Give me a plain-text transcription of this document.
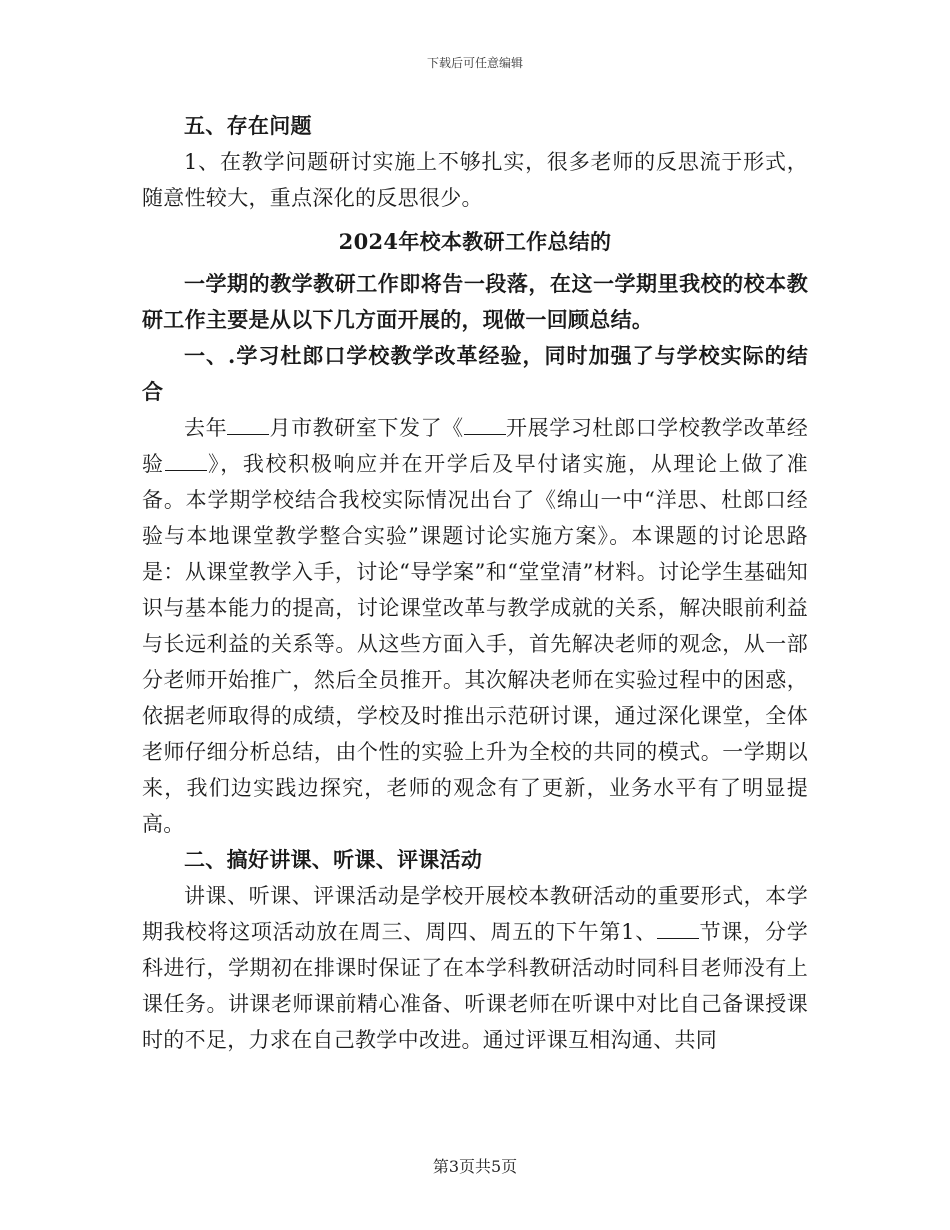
下载后可任意编辑

五、存在问题

1、在教学问题研讨实施上不够扎实，很多老师的反思流于形式，随意性较大，重点深化的反思很少。

2024年校本教研工作总结的

一学期的教学教研工作即将告一段落，在这一学期里我校的校本教研工作主要是从以下几方面开展的，现做一回顾总结。

一、.学习杜郎口学校教学改革经验，同时加强了与学校实际的结合

去年 月市教研室下发了《 开展学习杜郎口学校教学改革经验 》，我校积极响应并在开学后及早付诸实施，从理论上做了准备。本学期学校结合我校实际情况出台了《绵山一中“洋思、杜郎口经验与本地课堂教学整合实验”课题讨论实施方案》。本课题的讨论思路是：从课堂教学入手，讨论“导学案”和“堂堂清”材料。讨论学生基础知识与基本能力的提高，讨论课堂改革与教学成就的关系，解决眼前利益与长远利益的关系等。从这些方面入手，首先解决老师的观念，从一部分老师开始推广，然后全员推开。其次解决老师在实验过程中的困惑，依据老师取得的成绩，学校及时推出示范研讨课，通过深化课堂，全体老师仔细分析总结，由个性的实验上升为全校的共同的模式。一学期以来，我们边实践边探究，老师的观念有了更新，业务水平有了明显提高。

二、搞好讲课、听课、评课活动

讲课、听课、评课活动是学校开展校本教研活动的重要形式，本学期我校将这项活动放在周三、周四、周五的下午第1、 节课，分学科进行，学期初在排课时保证了在本学科教研活动时同科目老师没有上课任务。讲课老师课前精心准备、听课老师在听课中对比自己备课授课时的不足，力求在自己教学中改进。通过评课互相沟通、共同

第3页共5页
